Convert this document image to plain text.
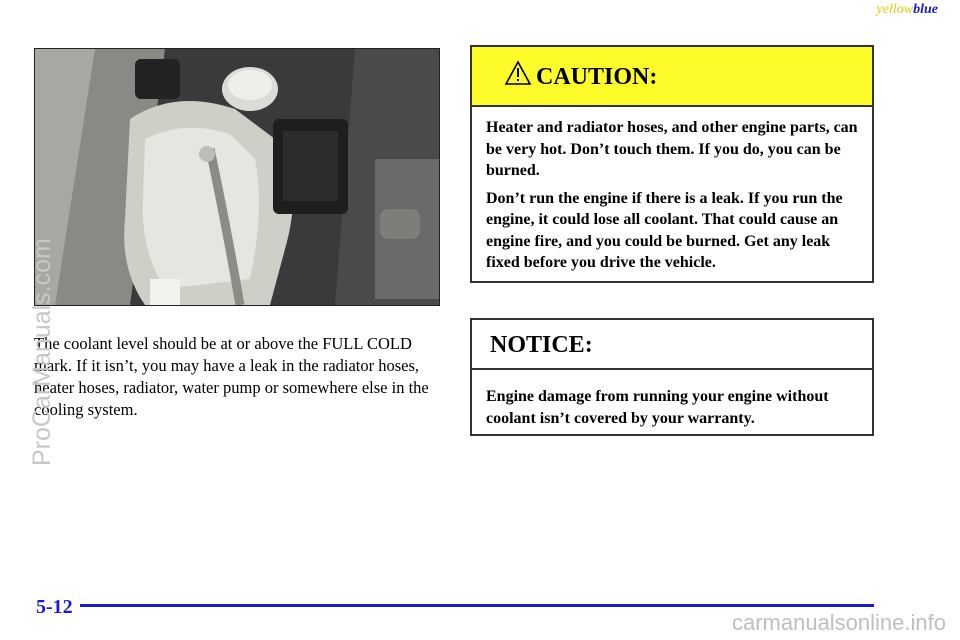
yellowblue
The coolant level should be at or above the FULL COLD mark. If it isn’t, you may have a leak in the radiator hoses, heater hoses, radiator, water pump or somewhere else in the cooling system.
CAUTION:

Heater and radiator hoses, and other engine parts, can be very hot. Don’t touch them. If you do, you can be burned.

Don’t run the engine if there is a leak. If you run the engine, it could lose all coolant. That could cause an engine fire, and you could be burned. Get any leak fixed before you drive the vehicle.

NOTICE:

Engine damage from running your engine without coolant isn’t covered by your warranty.

ProCarManuals.com
5-12
carmanualsonline.info
